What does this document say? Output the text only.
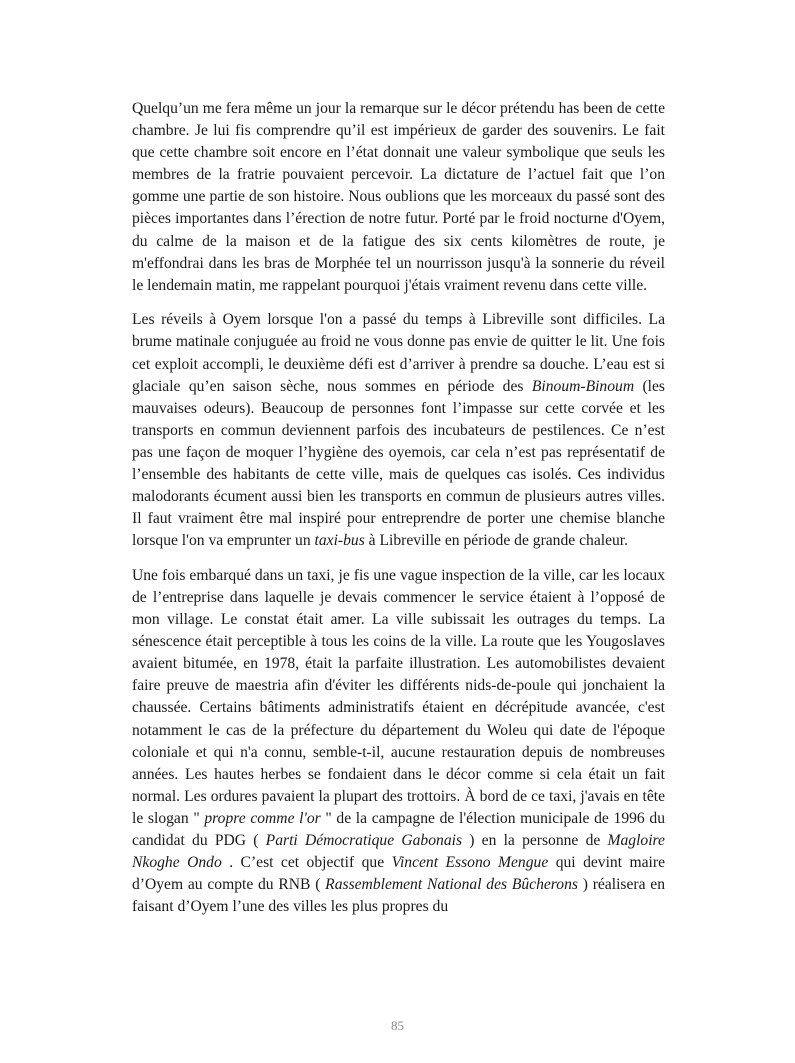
Quelqu’un me fera même un jour la remarque sur le décor prétendu has been de cette chambre. Je lui fis comprendre qu’il est impérieux de garder des souvenirs. Le fait que cette chambre soit encore en l’état donnait une valeur symbolique que seuls les membres de la fratrie pouvaient percevoir. La dictature de l’actuel fait que l’on gomme une partie de son histoire. Nous oublions que les morceaux du passé sont des pièces importantes dans l’érection de notre futur. Porté par le froid nocturne d'Oyem, du calme de la maison et de la fatigue des six cents kilomètres de route, je m'effondrai dans les bras de Morphée tel un nourrisson jusqu'à la sonnerie du réveil le lendemain matin, me rappelant pourquoi j'étais vraiment revenu dans cette ville.

Les réveils à Oyem lorsque l'on a passé du temps à Libreville sont difficiles. La brume matinale conjuguée au froid ne vous donne pas envie de quitter le lit. Une fois cet exploit accompli, le deuxième défi est d’arriver à prendre sa douche. L’eau est si glaciale qu’en saison sèche, nous sommes en période des Binoum-Binoum (les mauvaises odeurs). Beaucoup de personnes font l’impasse sur cette corvée et les transports en commun deviennent parfois des incubateurs de pestilences. Ce n’est pas une façon de moquer l’hygiène des oyemois, car cela n’est pas représentatif de l’ensemble des habitants de cette ville, mais de quelques cas isolés. Ces individus malodorants écument aussi bien les transports en commun de plusieurs autres villes. Il faut vraiment être mal inspiré pour entreprendre de porter une chemise blanche lorsque l'on va emprunter un taxi-bus à Libreville en période de grande chaleur.

Une fois embarqué dans un taxi, je fis une vague inspection de la ville, car les locaux de l’entreprise dans laquelle je devais commencer le service étaient à l’opposé de mon village. Le constat était amer. La ville subissait les outrages du temps. La sénescence était perceptible à tous les coins de la ville. La route que les Yougoslaves avaient bitumée, en 1978, était la parfaite illustration. Les automobilistes devaient faire preuve de maestria afin d'éviter les différents nids-de-poule qui jonchaient la chaussée. Certains bâtiments administratifs étaient en décrépitude avancée, c'est notamment le cas de la préfecture du département du Woleu qui date de l'époque coloniale et qui n'a connu, semble-t-il, aucune restauration depuis de nombreuses années. Les hautes herbes se fondaient dans le décor comme si cela était un fait normal. Les ordures pavaient la plupart des trottoirs. À bord de ce taxi, j'avais en tête le slogan " propre comme l'or " de la campagne de l'élection municipale de 1996 du candidat du PDG ( Parti Démocratique Gabonais ) en la personne de Magloire Nkoghe Ondo . C’est cet objectif que Vincent Essono Mengue qui devint maire d’Oyem au compte du RNB ( Rassemblement National des Bûcherons ) réalisera en faisant d’Oyem l’une des villes les plus propres du

85
